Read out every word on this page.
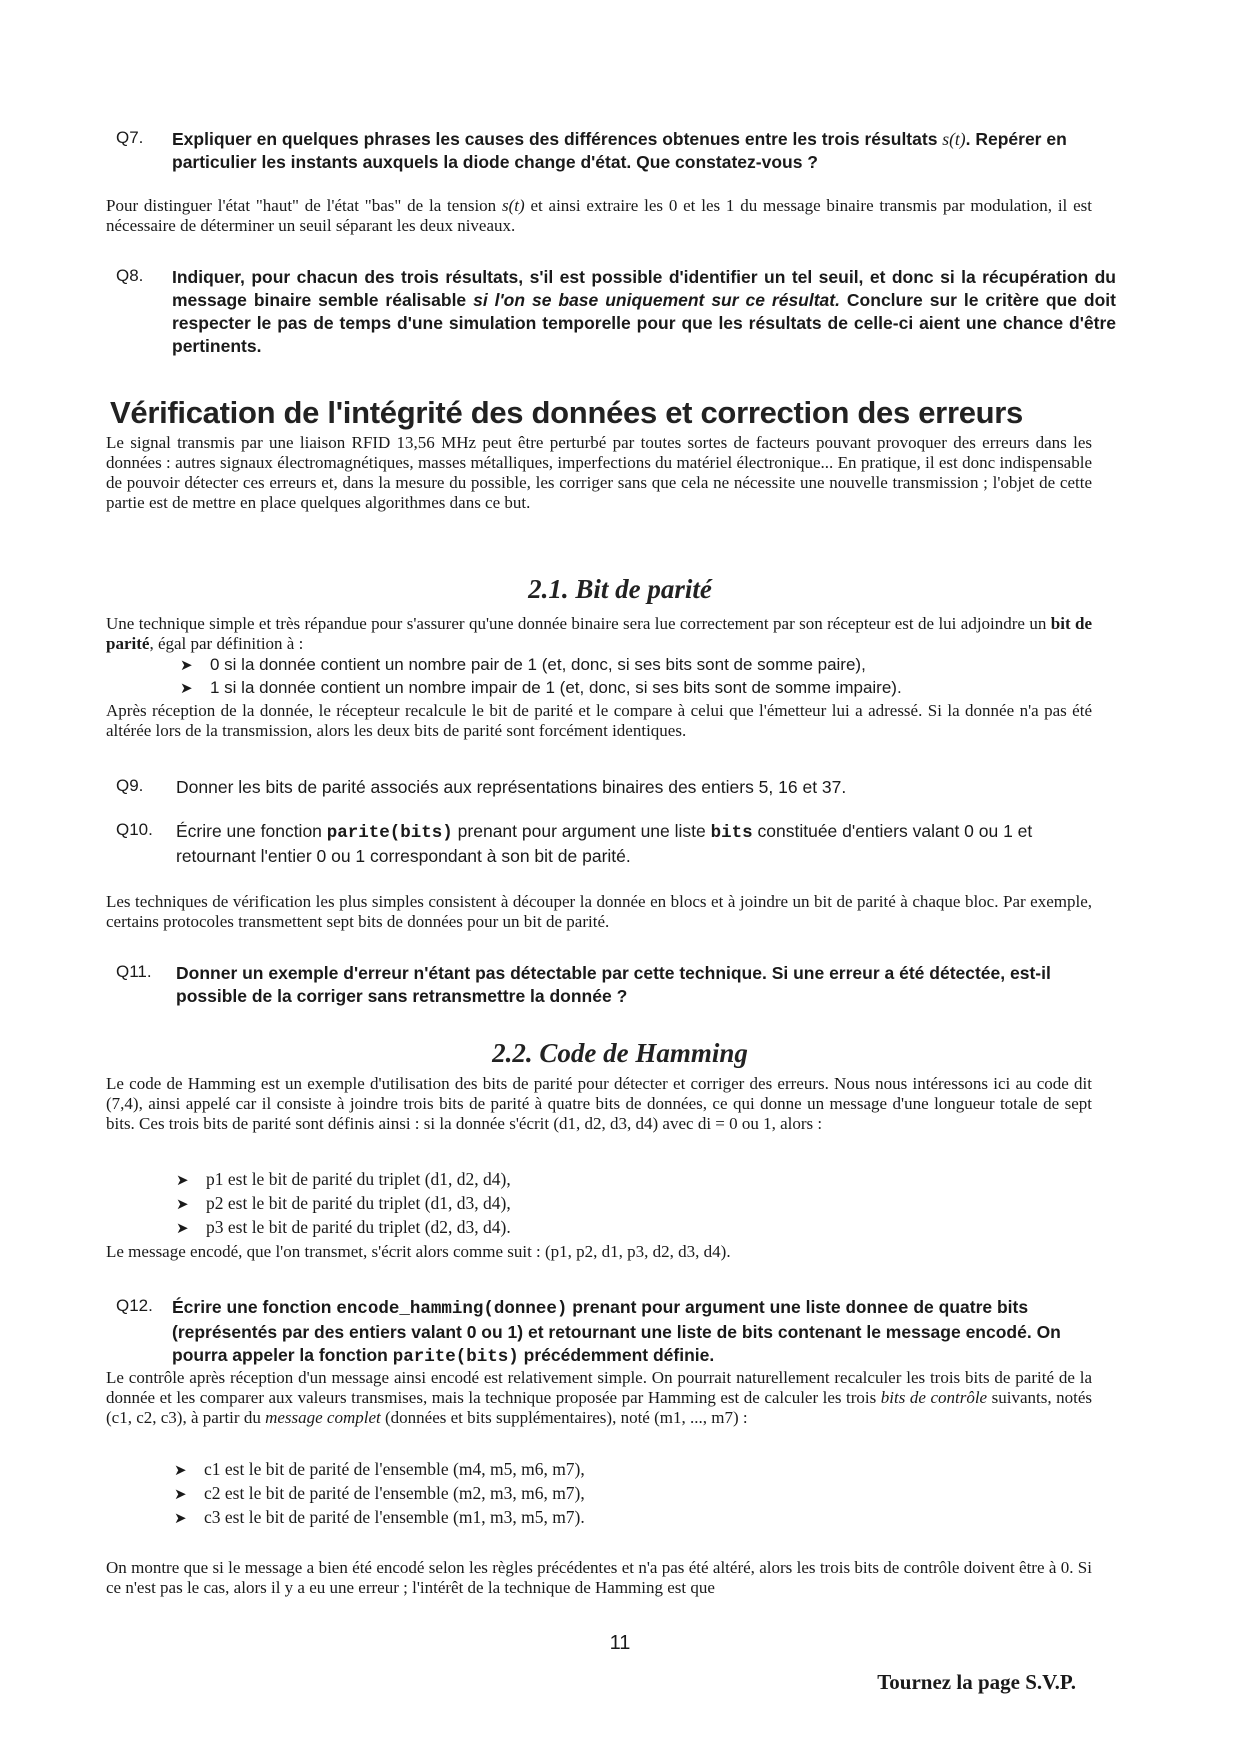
Q7. Expliquer en quelques phrases les causes des différences obtenues entre les trois résultats s(t). Repérer en particulier les instants auxquels la diode change d'état. Que constatez-vous ?
Pour distinguer l'état "haut" de l'état "bas" de la tension s(t) et ainsi extraire les 0 et les 1 du message binaire transmis par modulation, il est nécessaire de déterminer un seuil séparant les deux niveaux.
Q8. Indiquer, pour chacun des trois résultats, s'il est possible d'identifier un tel seuil, et donc si la récupération du message binaire semble réalisable si l'on se base uniquement sur ce résultat. Conclure sur le critère que doit respecter le pas de temps d'une simulation temporelle pour que les résultats de celle-ci aient une chance d'être pertinents.
Vérification de l'intégrité des données et correction des erreurs
Le signal transmis par une liaison RFID 13,56 MHz peut être perturbé par toutes sortes de facteurs pouvant provoquer des erreurs dans les données : autres signaux électromagnétiques, masses métalliques, imperfections du matériel électronique... En pratique, il est donc indispensable de pouvoir détecter ces erreurs et, dans la mesure du possible, les corriger sans que cela ne nécessite une nouvelle transmission ; l'objet de cette partie est de mettre en place quelques algorithmes dans ce but.
2.1. Bit de parité
Une technique simple et très répandue pour s'assurer qu'une donnée binaire sera lue correctement par son récepteur est de lui adjoindre un bit de parité, égal par définition à :
➤	0 si la donnée contient un nombre pair de 1 (et, donc, si ses bits sont de somme paire),
➤	1 si la donnée contient un nombre impair de 1 (et, donc, si ses bits sont de somme impaire).
Après réception de la donnée, le récepteur recalcule le bit de parité et le compare à celui que l'émetteur lui a adressé. Si la donnée n'a pas été altérée lors de la transmission, alors les deux bits de parité sont forcément identiques.
Q9. Donner les bits de parité associés aux représentations binaires des entiers 5, 16 et 37.
Q10. Écrire une fonction parite(bits) prenant pour argument une liste bits constituée d'entiers valant 0 ou 1 et retournant l'entier 0 ou 1 correspondant à son bit de parité.
Les techniques de vérification les plus simples consistent à découper la donnée en blocs et à joindre un bit de parité à chaque bloc. Par exemple, certains protocoles transmettent sept bits de données pour un bit de parité.
Q11. Donner un exemple d'erreur n'étant pas détectable par cette technique. Si une erreur a été détectée, est-il possible de la corriger sans retransmettre la donnée ?
2.2. Code de Hamming
Le code de Hamming est un exemple d'utilisation des bits de parité pour détecter et corriger des erreurs. Nous nous intéressons ici au code dit (7,4), ainsi appelé car il consiste à joindre trois bits de parité à quatre bits de données, ce qui donne un message d'une longueur totale de sept bits. Ces trois bits de parité sont définis ainsi : si la donnée s'écrit (d1, d2, d3, d4) avec di = 0 ou 1, alors :
➤ p1 est le bit de parité du triplet (d1, d2, d4),
➤ p2 est le bit de parité du triplet (d1, d3, d4),
➤ p3 est le bit de parité du triplet (d2, d3, d4).
Le message encodé, que l'on transmet, s'écrit alors comme suit : (p1, p2, d1, p3, d2, d3, d4).
Q12. Écrire une fonction encode_hamming(donnee) prenant pour argument une liste donnee de quatre bits (représentés par des entiers valant 0 ou 1) et retournant une liste de bits contenant le message encodé. On pourra appeler la fonction parite(bits) précédemment définie.
Le contrôle après réception d'un message ainsi encodé est relativement simple. On pourrait naturellement recalculer les trois bits de parité de la donnée et les comparer aux valeurs transmises, mais la technique proposée par Hamming est de calculer les trois bits de contrôle suivants, notés (c1, c2, c3), à partir du message complet (données et bits supplémentaires), noté (m1, ..., m7) :
➤ c1 est le bit de parité de l'ensemble (m4, m5, m6, m7),
➤ c2 est le bit de parité de l'ensemble (m2, m3, m6, m7),
➤ c3 est le bit de parité de l'ensemble (m1, m3, m5, m7).
On montre que si le message a bien été encodé selon les règles précédentes et n'a pas été altéré, alors les trois bits de contrôle doivent être à 0. Si ce n'est pas le cas, alors il y a eu une erreur ; l'intérêt de la technique de Hamming est que
11
Tournez la page S.V.P.
